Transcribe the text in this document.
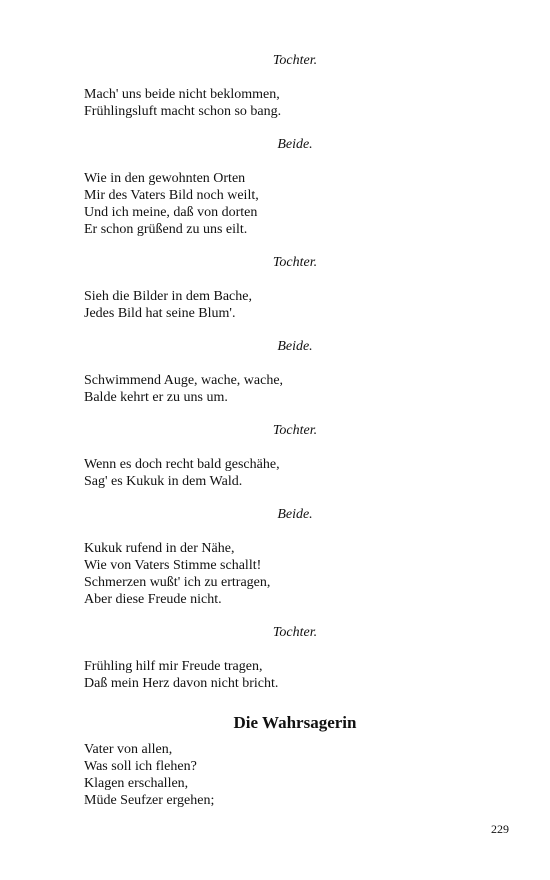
Tochter.
Mach' uns beide nicht beklommen,
Frühlingsluft macht schon so bang.
Beide.
Wie in den gewohnten Orten
Mir des Vaters Bild noch weilt,
Und ich meine, daß von dorten
Er schon grüßend zu uns eilt.
Tochter.
Sieh die Bilder in dem Bache,
Jedes Bild hat seine Blum'.
Beide.
Schwimmend Auge, wache, wache,
Balde kehrt er zu uns um.
Tochter.
Wenn es doch recht bald geschähe,
Sag' es Kukuk in dem Wald.
Beide.
Kukuk rufend in der Nähe,
Wie von Vaters Stimme schallt!
Schmerzen wußt' ich zu ertragen,
Aber diese Freude nicht.
Tochter.
Frühling hilf mir Freude tragen,
Daß mein Herz davon nicht bricht.
Die Wahrsagerin
Vater von allen,
Was soll ich flehen?
Klagen erschallen,
Müde Seufzer ergehen;
229
